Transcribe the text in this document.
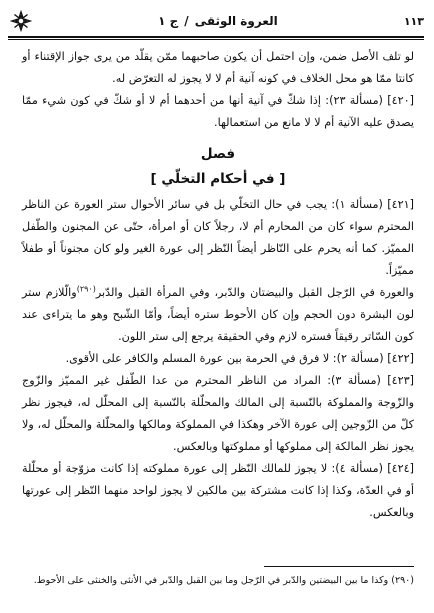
العروة الوثقى
/
ج ١	١١٣

لو تلف الأصل ضمن، وإن احتمل أن يكون صاحبهما ممّن يقلّد من يرى جواز الإقتناء أو كانتا ممّا هو محل الخلاف في كونه آنية أم لا لا يجوز له التعرّض له.

[٤٢٠] (مسألة ٢٣): إذا شكّ في آنية أنها من أحدهما أم لا أو شكّ في كون شيء ممّا يصدق عليه الآنية أم لا لا مانع من استعمالها.

فصل
[ في أحكام التخلّي ]

[٤٢١] (مسألة ١): يجب في حال التخلّي بل في سائر الأحوال ستر العورة عن الناظر المحترم سواء كان من المحارم أم لا، رجلاً كان أو امرأة، حتّى عن المجنون والطّفل المميّز. كما أنه يحرم على النّاظر أيضاً النّظر إلى عورة الغير ولو كان مجنوناً أو طفلاً مميّزاً.

والعورة في الرّجل القبل والبيضتان والدّبر، وفي المرأة القبل والدّبر$^{(٢٩٠)}$والّلازم ستر لون البشرة دون الحجم وإن كان الأحوط ستره أيضاً، وأمّا الشّبح وهو ما يتراءى عند كون السّاتر رقيقاً فستره لازم وفي الحقيقة يرجع إلى ستر اللون.

[٤٢٢] (مسألة ٢): لا فرق في الحرمة بين عورة المسلم والكافر على الأقوى.

[٤٢٣] (مسألة ٣): المراد من الناظر المحترم من عدا الطّفل غير المميّز والزّوج والزّوجة والمملوكة بالنّسبة إلى المالك والمحلّلة بالنّسبة إلى المحلّل له، فيجوز نظر كلّ من الزّوجين إلى عورة الآخر وهكذا في المملوكة ومالكها والمحلّلة والمحلّل له، ولا يجوز نظر المالكة إلى مملوكها أو مملوكتها وبالعكس.

[٤٢٤] (مسألة ٤): لا يجوز للمالك النّظر إلى عورة مملوكته إذا كانت مزوّجة أو محلّلة أو في العدّة، وكذا إذا كانت مشتركة بين مالكين لا يجوز لواحد منهما النّظر إلى عورتها وبالعكس.

(٢٩٠) وكذا ما بين البيضتين والدّبر في الرّجل وما بين القبل والدّبر في الأنثى والخنثى على الأحوط.
